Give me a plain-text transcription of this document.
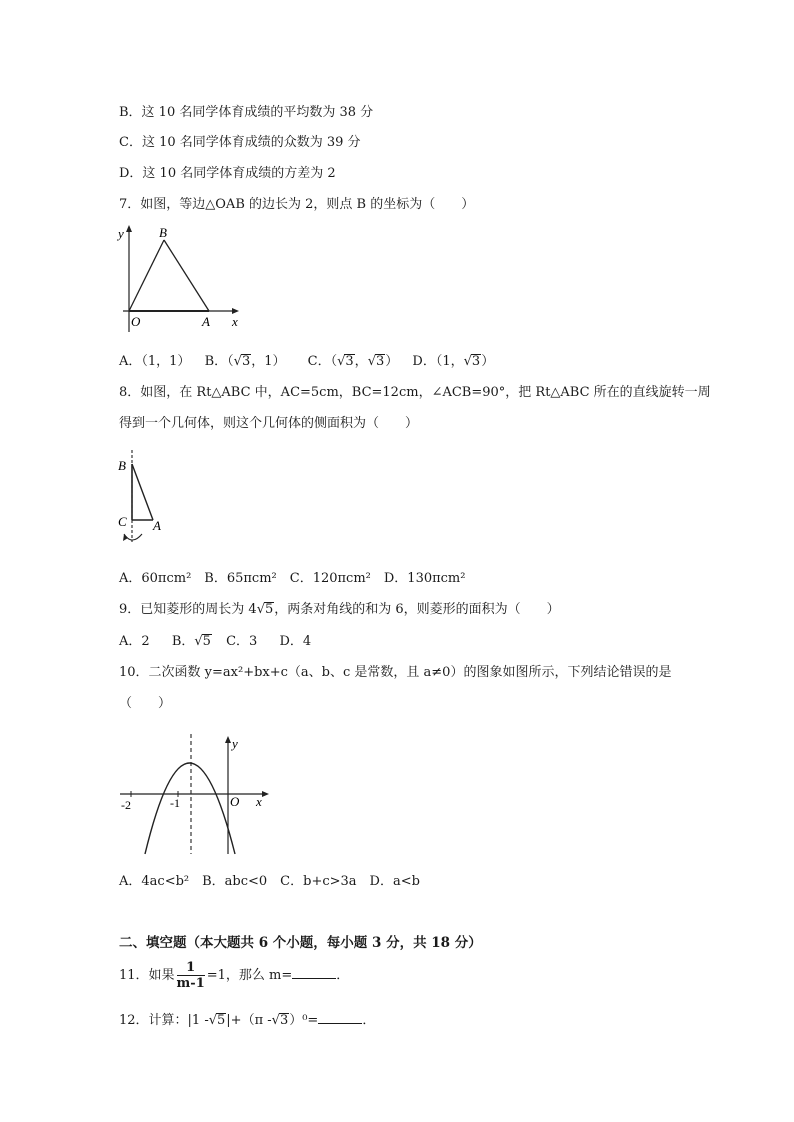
B．这 10 名同学体育成绩的平均数为 38 分
C．这 10 名同学体育成绩的众数为 39 分
D．这 10 名同学体育成绩的方差为 2
7．如图，等边△OAB 的边长为 2，则点 B 的坐标为（　　）
y	B
O	A x
A．（1，1） B．（√3，1） C．（√3，√3） D．（1，√3）
8．如图，在 Rt△ABC 中，AC=5cm，BC=12cm，∠ACB=90°，把 Rt△ABC 所在的直线旋转一周
得到一个几何体，则这个几何体的侧面积为（　　）
B
C A
A．60πcm²　B．65πcm²　C．120πcm²　D．130πcm²
9．已知菱形的周长为 4√5，两条对角线的和为 6，则菱形的面积为（　　）
A．2 B．√5 C．3 D．4
10．二次函数 y=ax²+bx+c（a、b、c 是常数，且 a≠0）的图象如图所示，下列结论错误的是
（　　）
y
x
O
-1
-2
A．4ac<b²　B．abc<0　C．b+c>3a　D．a<b
二、填空题（本大题共 6 个小题，每小题 3 分，共 18 分）
11．如果 $\frac{1}{m-1} =1$，那么 m=	．
12．计算：|1 -√5|+（π -√3）⁰=	．
